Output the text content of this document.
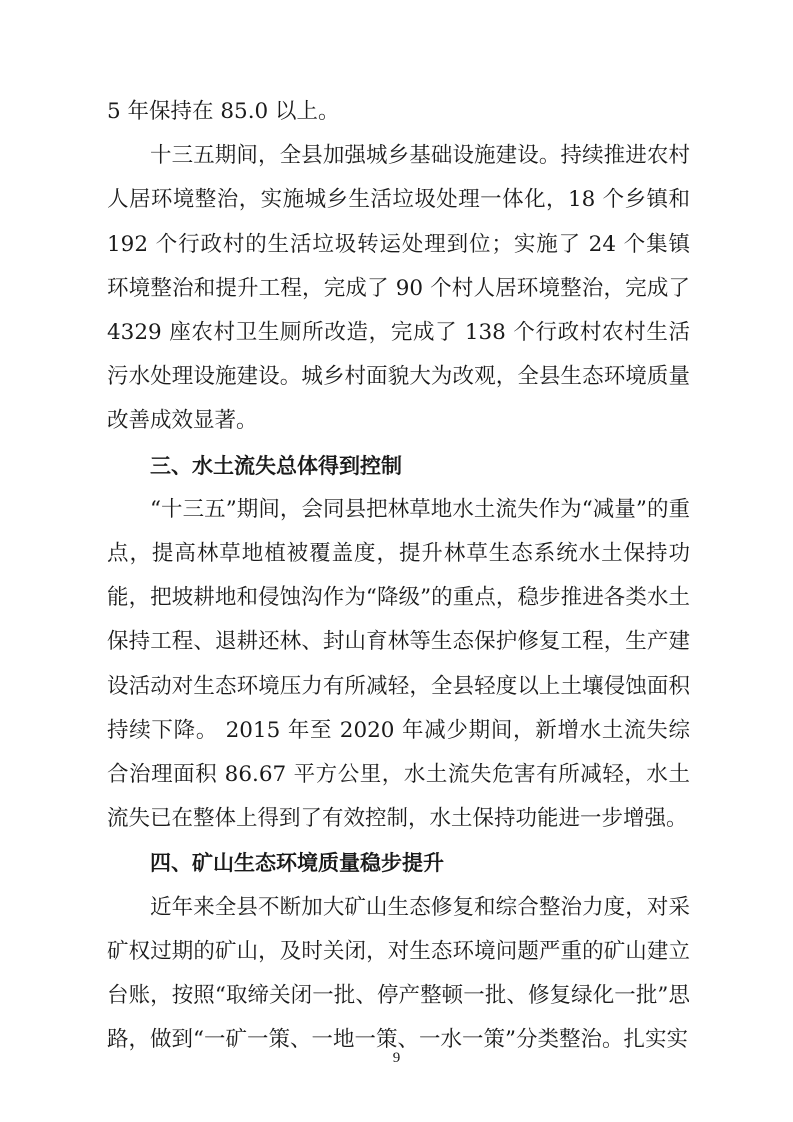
5 年保持在 85.0 以上。

十三五期间，全县加强城乡基础设施建设。持续推进农村人居环境整治，实施城乡生活垃圾处理一体化，18 个乡镇和 192 个行政村的生活垃圾转运处理到位；实施了 24 个集镇环境整治和提升工程，完成了 90 个村人居环境整治，完成了 4329 座农村卫生厕所改造，完成了 138 个行政村农村生活污水处理设施建设。城乡村面貌大为改观，全县生态环境质量改善成效显著。

三、水土流失总体得到控制

“十三五”期间，会同县把林草地水土流失作为“减量”的重点，提高林草地植被覆盖度，提升林草生态系统水土保持功能，把坡耕地和侵蚀沟作为“降级”的重点，稳步推进各类水土保持工程、退耕还林、封山育林等生态保护修复工程，生产建设活动对生态环境压力有所减轻，全县轻度以上土壤侵蚀面积持续下降。 2015 年至 2020 年减少期间，新增水土流失综合治理面积 86.67 平方公里，水土流失危害有所减轻，水土流失已在整体上得到了有效控制，水土保持功能进一步增强。

四、矿山生态环境质量稳步提升

近年来全县不断加大矿山生态修复和综合整治力度，对采矿权过期的矿山，及时关闭，对生态环境问题严重的矿山建立台账，按照“取缔关闭一批、停产整顿一批、修复绿化一批”思路，做到“一矿一策、一地一策、一水一策”分类整治。扎实实

9
